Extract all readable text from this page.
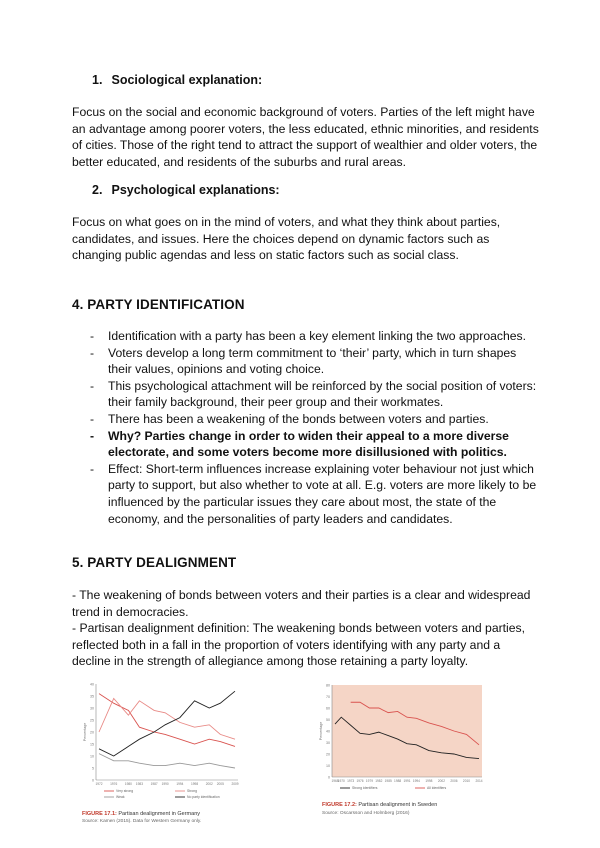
1. Sociological explanation:
Focus on the social and economic background of voters. Parties of the left might have an advantage among poorer voters, the less educated, ethnic minorities, and residents of cities. Those of the right tend to attract the support of wealthier and older voters, the better educated, and residents of the suburbs and rural areas.
2. Psychological explanations:
Focus on what goes on in the mind of voters, and what they think about parties, candidates, and issues. Here the choices depend on dynamic factors such as changing public agendas and less on static factors such as social class.
4. PARTY IDENTIFICATION
- Identification with a party has been a key element linking the two approaches.
- Voters develop a long term commitment to ‘their’ party, which in turn shapes their values, opinions and voting choice.
- This psychological attachment will be reinforced by the social position of voters: their family background, their peer group and their workmates.
- There has been a weakening of the bonds between voters and parties.
- Why? Parties change in order to widen their appeal to a more diverse electorate, and some voters become more disillusioned with politics.
- Effect: Short-term influences increase explaining voter behaviour not just which party to support, but also whether to vote at all. E.g. voters are more likely to be influenced by the particular issues they care about most, the state of the economy, and the personalities of party leaders and candidates.
5. PARTY DEALIGNMENT
- The weakening of bonds between voters and their parties is a clear and widespread trend in democracies.
- Partisan dealignment definition: The weakening bonds between voters and parties, reflected both in a fall in the proportion of voters identifying with any party and a decline in the strength of allegiance among those retaining a party loyalty.
0
5
10
15
20
25
30
35
40
Percentage
1972 1976 1980 1983 1987 1990 1994 1998 2002 2005 2009
Very strong	Strong
Weak	No party identification
FIGURE 17.1: Partisan dealignment in Germany
Source: Kamen (2015). Data for Western Germany only.
0
10
20
30
40
50
60
70
80
Percentage
1968 1970 1973 1976 1979 1982 1985 1988 1991 1994 1998 2002 2006 2010 2014
Strong identifiers	All identifiers
FIGURE 17.2: Partisan dealignment in Sweden
Source: Oscarsson and Holmberg (2016)
